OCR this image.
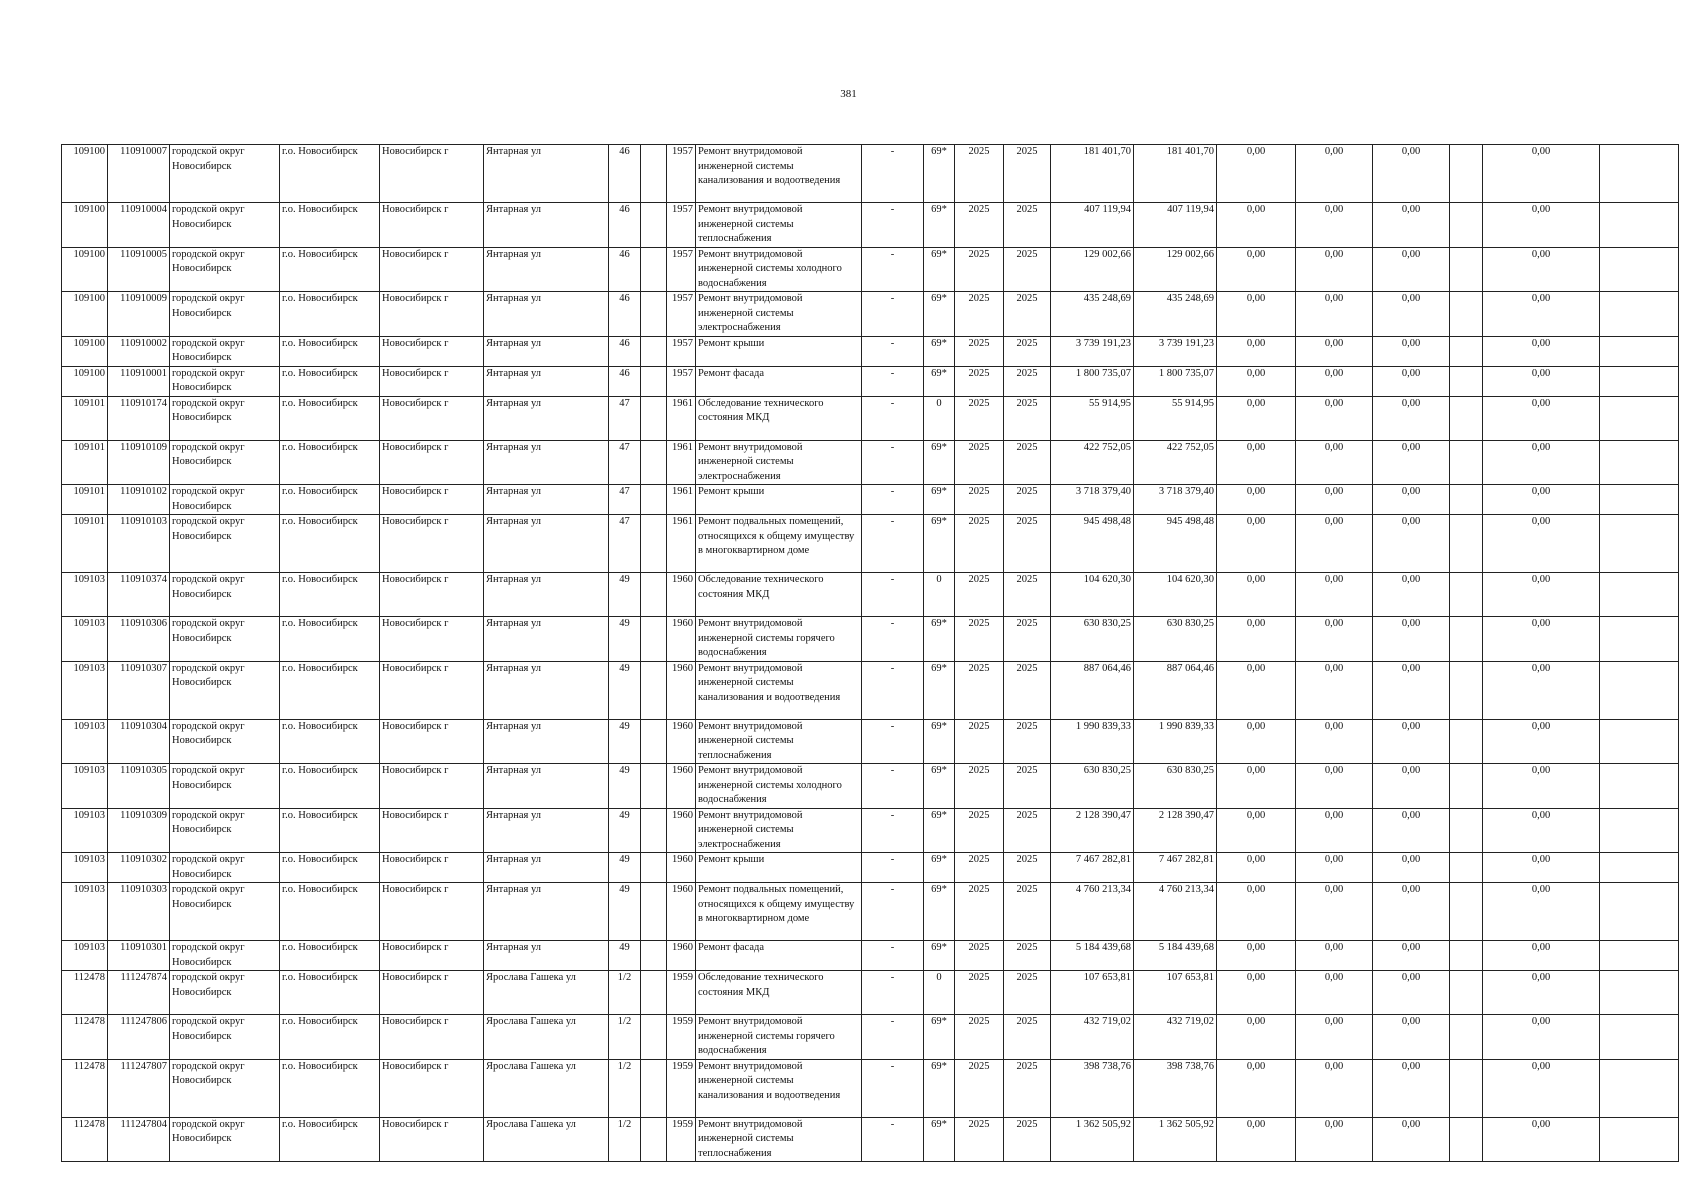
381
109100	110910007	городской округ Новосибирск	г.о. Новосибирск	Новосибирск г	Янтарная ул	46		1957	Ремонт внутридомовой инженерной системы канализования и водоотведения	-	69*	2025	2025	181 401,70	181 401,70	0,00	0,00	0,00		0,00	
109100	110910004	городской округ Новосибирск	г.о. Новосибирск	Новосибирск г	Янтарная ул	46		1957	Ремонт внутридомовой инженерной системы теплоснабжения	-	69*	2025	2025	407 119,94	407 119,94	0,00	0,00	0,00		0,00	
109100	110910005	городской округ Новосибирск	г.о. Новосибирск	Новосибирск г	Янтарная ул	46		1957	Ремонт внутридомовой инженерной системы холодного водоснабжения	-	69*	2025	2025	129 002,66	129 002,66	0,00	0,00	0,00		0,00	
109100	110910009	городской округ Новосибирск	г.о. Новосибирск	Новосибирск г	Янтарная ул	46		1957	Ремонт внутридомовой инженерной системы электроснабжения	-	69*	2025	2025	435 248,69	435 248,69	0,00	0,00	0,00		0,00	
109100	110910002	городской округ Новосибирск	г.о. Новосибирск	Новосибирск г	Янтарная ул	46		1957	Ремонт крыши	-	69*	2025	2025	3 739 191,23	3 739 191,23	0,00	0,00	0,00		0,00	
109100	110910001	городской округ Новосибирск	г.о. Новосибирск	Новосибирск г	Янтарная ул	46		1957	Ремонт фасада	-	69*	2025	2025	1 800 735,07	1 800 735,07	0,00	0,00	0,00		0,00	
109101	110910174	городской округ Новосибирск	г.о. Новосибирск	Новосибирск г	Янтарная ул	47		1961	Обследование технического состояния МКД	-	0	2025	2025	55 914,95	55 914,95	0,00	0,00	0,00		0,00	
109101	110910109	городской округ Новосибирск	г.о. Новосибирск	Новосибирск г	Янтарная ул	47		1961	Ремонт внутридомовой инженерной системы электроснабжения	-	69*	2025	2025	422 752,05	422 752,05	0,00	0,00	0,00		0,00	
109101	110910102	городской округ Новосибирск	г.о. Новосибирск	Новосибирск г	Янтарная ул	47		1961	Ремонт крыши	-	69*	2025	2025	3 718 379,40	3 718 379,40	0,00	0,00	0,00		0,00	
109101	110910103	городской округ Новосибирск	г.о. Новосибирск	Новосибирск г	Янтарная ул	47		1961	Ремонт подвальных помещений, относящихся к общему имуществу в многоквартирном доме	-	69*	2025	2025	945 498,48	945 498,48	0,00	0,00	0,00		0,00	
109103	110910374	городской округ Новосибирск	г.о. Новосибирск	Новосибирск г	Янтарная ул	49		1960	Обследование технического состояния МКД	-	0	2025	2025	104 620,30	104 620,30	0,00	0,00	0,00		0,00	
109103	110910306	городской округ Новосибирск	г.о. Новосибирск	Новосибирск г	Янтарная ул	49		1960	Ремонт внутридомовой инженерной системы горячего водоснабжения	-	69*	2025	2025	630 830,25	630 830,25	0,00	0,00	0,00		0,00	
109103	110910307	городской округ Новосибирск	г.о. Новосибирск	Новосибирск г	Янтарная ул	49		1960	Ремонт внутридомовой инженерной системы канализования и водоотведения	-	69*	2025	2025	887 064,46	887 064,46	0,00	0,00	0,00		0,00	
109103	110910304	городской округ Новосибирск	г.о. Новосибирск	Новосибирск г	Янтарная ул	49		1960	Ремонт внутридомовой инженерной системы теплоснабжения	-	69*	2025	2025	1 990 839,33	1 990 839,33	0,00	0,00	0,00		0,00	
109103	110910305	городской округ Новосибирск	г.о. Новосибирск	Новосибирск г	Янтарная ул	49		1960	Ремонт внутридомовой инженерной системы холодного водоснабжения	-	69*	2025	2025	630 830,25	630 830,25	0,00	0,00	0,00		0,00	
109103	110910309	городской округ Новосибирск	г.о. Новосибирск	Новосибирск г	Янтарная ул	49		1960	Ремонт внутридомовой инженерной системы электроснабжения	-	69*	2025	2025	2 128 390,47	2 128 390,47	0,00	0,00	0,00		0,00	
109103	110910302	городской округ Новосибирск	г.о. Новосибирск	Новосибирск г	Янтарная ул	49		1960	Ремонт крыши	-	69*	2025	2025	7 467 282,81	7 467 282,81	0,00	0,00	0,00		0,00	
109103	110910303	городской округ Новосибирск	г.о. Новосибирск	Новосибирск г	Янтарная ул	49		1960	Ремонт подвальных помещений, относящихся к общему имуществу в многоквартирном доме	-	69*	2025	2025	4 760 213,34	4 760 213,34	0,00	0,00	0,00		0,00	
109103	110910301	городской округ Новосибирск	г.о. Новосибирск	Новосибирск г	Янтарная ул	49		1960	Ремонт фасада	-	69*	2025	2025	5 184 439,68	5 184 439,68	0,00	0,00	0,00		0,00	
112478	111247874	городской округ Новосибирск	г.о. Новосибирск	Новосибирск г	Ярослава Гашека ул	1/2		1959	Обследование технического состояния МКД	-	0	2025	2025	107 653,81	107 653,81	0,00	0,00	0,00		0,00	
112478	111247806	городской округ Новосибирск	г.о. Новосибирск	Новосибирск г	Ярослава Гашека ул	1/2		1959	Ремонт внутридомовой инженерной системы горячего водоснабжения	-	69*	2025	2025	432 719,02	432 719,02	0,00	0,00	0,00		0,00	
112478	111247807	городской округ Новосибирск	г.о. Новосибирск	Новосибирск г	Ярослава Гашека ул	1/2		1959	Ремонт внутридомовой инженерной системы канализования и водоотведения	-	69*	2025	2025	398 738,76	398 738,76	0,00	0,00	0,00		0,00	
112478	111247804	городской округ Новосибирск	г.о. Новосибирск	Новосибирск г	Ярослава Гашека ул	1/2		1959	Ремонт внутридомовой инженерной системы теплоснабжения	-	69*	2025	2025	1 362 505,92	1 362 505,92	0,00	0,00	0,00		0,00	
